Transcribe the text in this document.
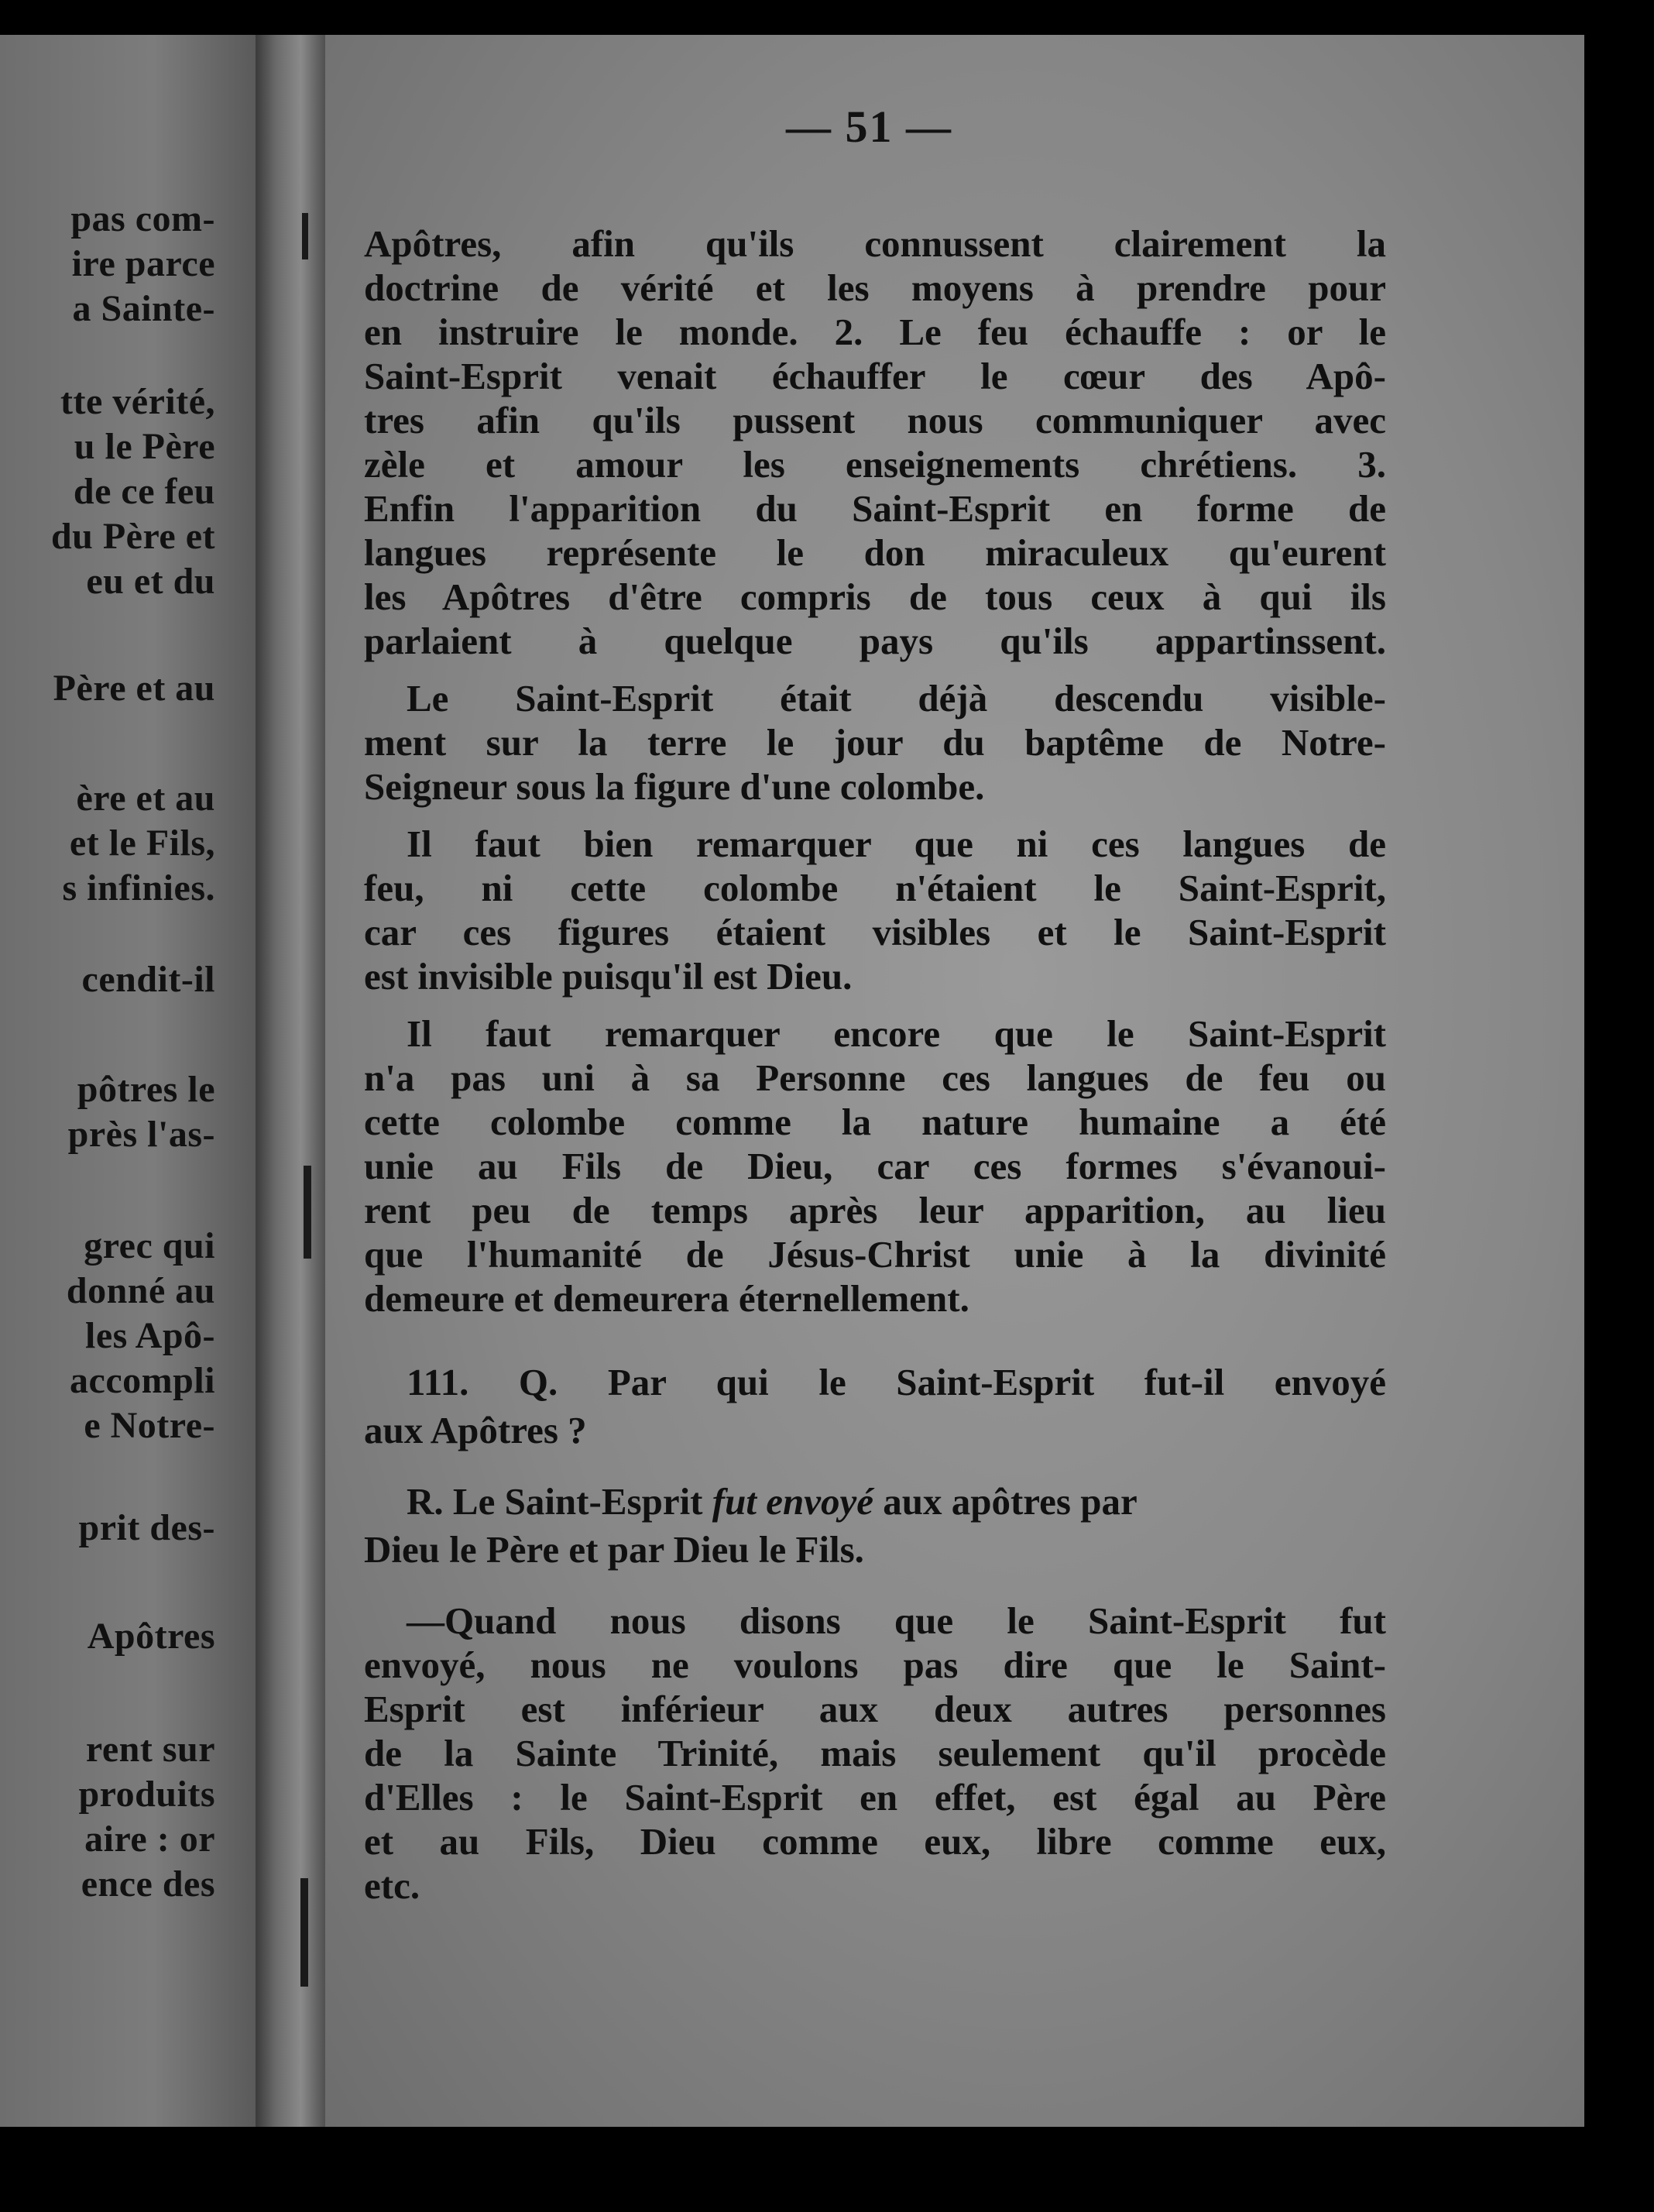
pas com-
ire parce
a Sainte-
tte vérité,
u le Père
de ce feu
du Père et
eu et du
Père et au
ère et au
et le Fils,
s infinies.
cendit-il
pôtres le
près l'as-
grec qui
donné au
les Apô-
accompli
e Notre-
prit des-
Apôtres
rent sur
produits
aire : or
ence des
— 51 —
Apôtres, afin qu'ils connussent clairement la
doctrine de vérité et les moyens à prendre pour
en instruire le monde. 2. Le feu échauffe : or le
Saint-Esprit venait échauffer le cœur des Apô-
tres afin qu'ils pussent nous communiquer avec
zèle et amour les enseignements chrétiens. 3.
Enfin l'apparition du Saint-Esprit en forme de
langues représente le don miraculeux qu'eurent
les Apôtres d'être compris de tous ceux à qui ils
parlaient à quelque pays qu'ils appartinssent.
Le Saint-Esprit était déjà descendu visible-
ment sur la terre le jour du baptême de Notre-
Seigneur sous la figure d'une colombe.
Il faut bien remarquer que ni ces langues de
feu, ni cette colombe n'étaient le Saint-Esprit,
car ces figures étaient visibles et le Saint-Esprit
est invisible puisqu'il est Dieu.
Il faut remarquer encore que le Saint-Esprit
n'a pas uni à sa Personne ces langues de feu ou
cette colombe comme la nature humaine a été
unie au Fils de Dieu, car ces formes s'évanoui-
rent peu de temps après leur apparition, au lieu
que l'humanité de Jésus-Christ unie à la divinité
demeure et demeurera éternellement.
111. Q. Par qui le Saint-Esprit fut-il envoyé
aux Apôtres ?
R. Le Saint-Esprit fut envoyé aux apôtres par
Dieu le Père et par Dieu le Fils.
—Quand nous disons que le Saint-Esprit fut
envoyé, nous ne voulons pas dire que le Saint-
Esprit est inférieur aux deux autres personnes
de la Sainte Trinité, mais seulement qu'il procède
d'Elles : le Saint-Esprit en effet, est égal au Père
et au Fils, Dieu comme eux, libre comme eux,
etc.
